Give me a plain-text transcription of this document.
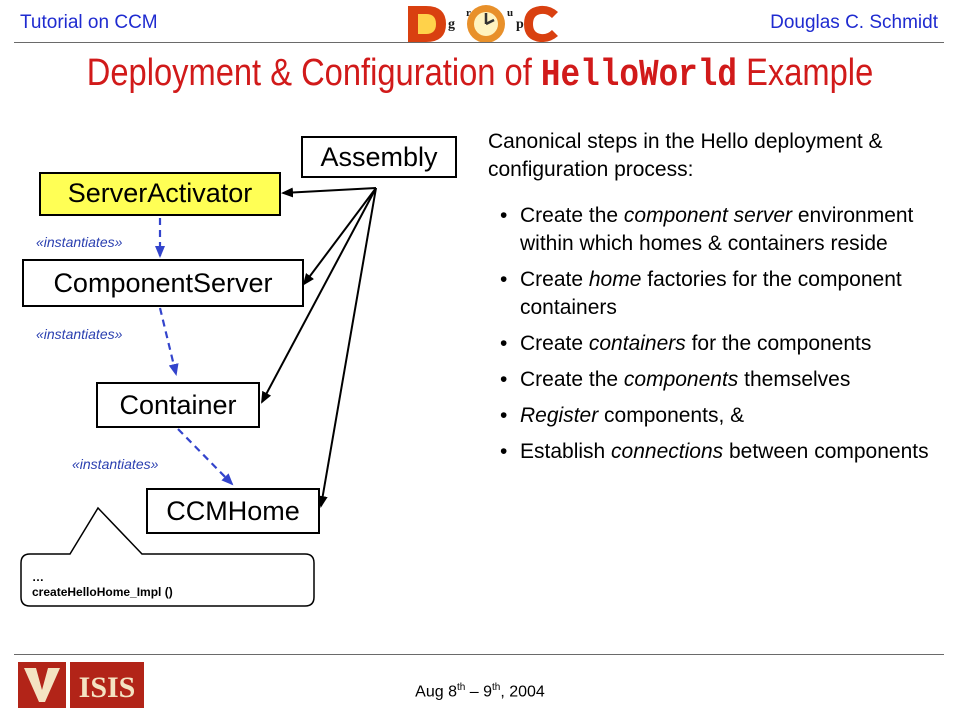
Tutorial on CCM	Douglas C. Schmidt
g
r	u
p
Deployment & Configuration of HelloWorld Example
Assembly
ServerActivator
ComponentServer
Container
CCMHome
«instantiates»
«instantiates»
«instantiates»
…
createHelloHome_Impl ()
Canonical steps in the Hello deployment & configuration process:
• Create the component server environment within which homes & containers reside
• Create home factories for the component containers
• Create containers for the components
• Create the components themselves
• Register components, &
• Establish connections between components
ISIS	Aug 8th – 9th, 2004
